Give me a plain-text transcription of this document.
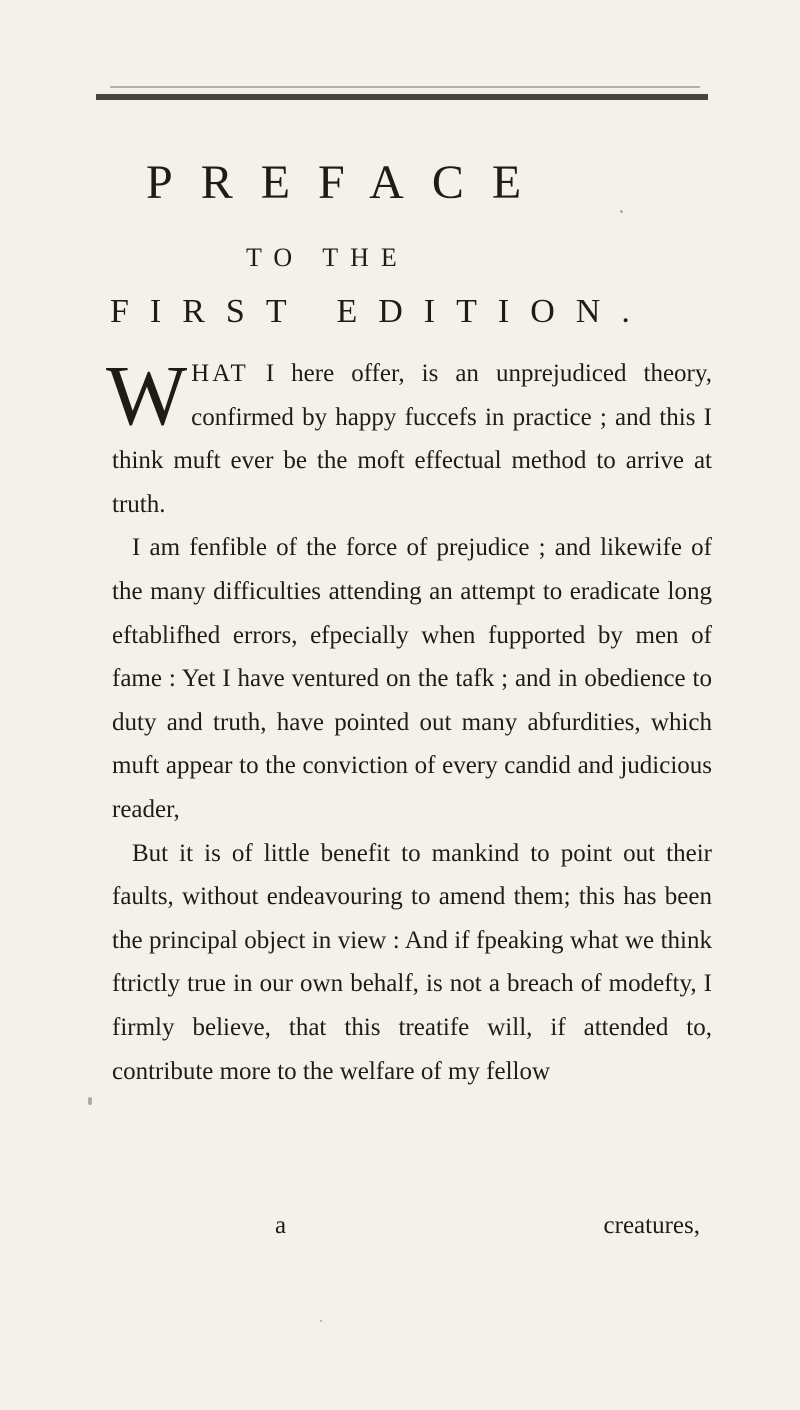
PREFACE
TO THE
FIRST EDITION.

WHAT I here offer, is an unprejudiced theory, confirmed by happy fuccefs in practice ; and this I think muft ever be the moft effectual method to arrive at truth.

I am fenfible of the force of prejudice ; and likewife of the many difficulties attending an attempt to eradicate long eftablifhed errors, efpecially when fupported by men of fame : Yet I have ventured on the tafk ; and in obedience to duty and truth, have pointed out many abfurdities, which muft appear to the conviction of every candid and judicious reader,

But it is of little benefit to mankind to point out their faults, without endeavouring to amend them; this has been the principal object in view : And if fpeaking what we think ftrictly true in our own behalf, is not a breach of modefty, I firmly believe, that this treatife will, if attended to, contribute more to the welfare of my fellow

a	creatures,
